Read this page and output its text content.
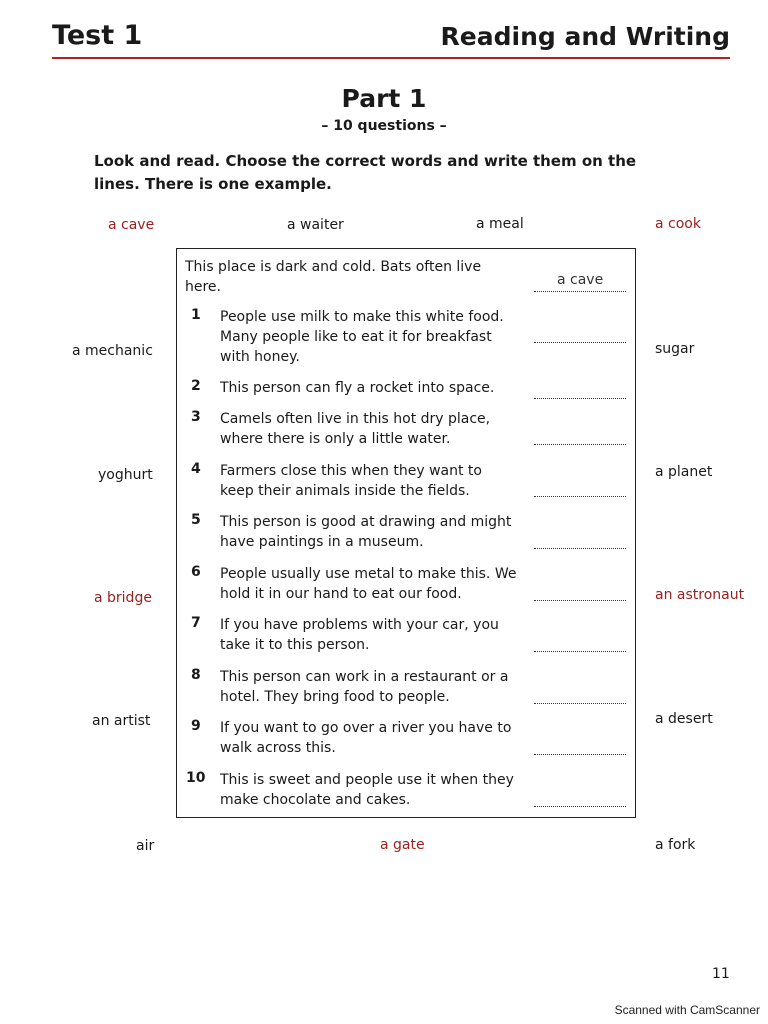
Test 1	Reading and Writing
Part 1
– 10 questions –
Look and read. Choose the correct words and write them on the lines. There is one example.
a cave	a waiter	a meal	a cook
a mechanic
yoghurt
a bridge
an artist
sugar
a planet
an astronaut
a desert
air	a gate	a fork
This place is dark and cold. Bats often live here.	a cave
1 People use milk to make this white food. Many people like to eat it for breakfast with honey.
2 This person can fly a rocket into space.
3 Camels often live in this hot dry place, where there is only a little water.
4 Farmers close this when they want to keep their animals inside the fields.
5 This person is good at drawing and might have paintings in a museum.
6 People usually use metal to make this. We hold it in our hand to eat our food.
7 If you have problems with your car, you take it to this person.
8 This person can work in a restaurant or a hotel. They bring food to people.
9 If you want to go over a river you have to walk across this.
10 This is sweet and people use it when they make chocolate and cakes.
11
Scanned with CamScanner
